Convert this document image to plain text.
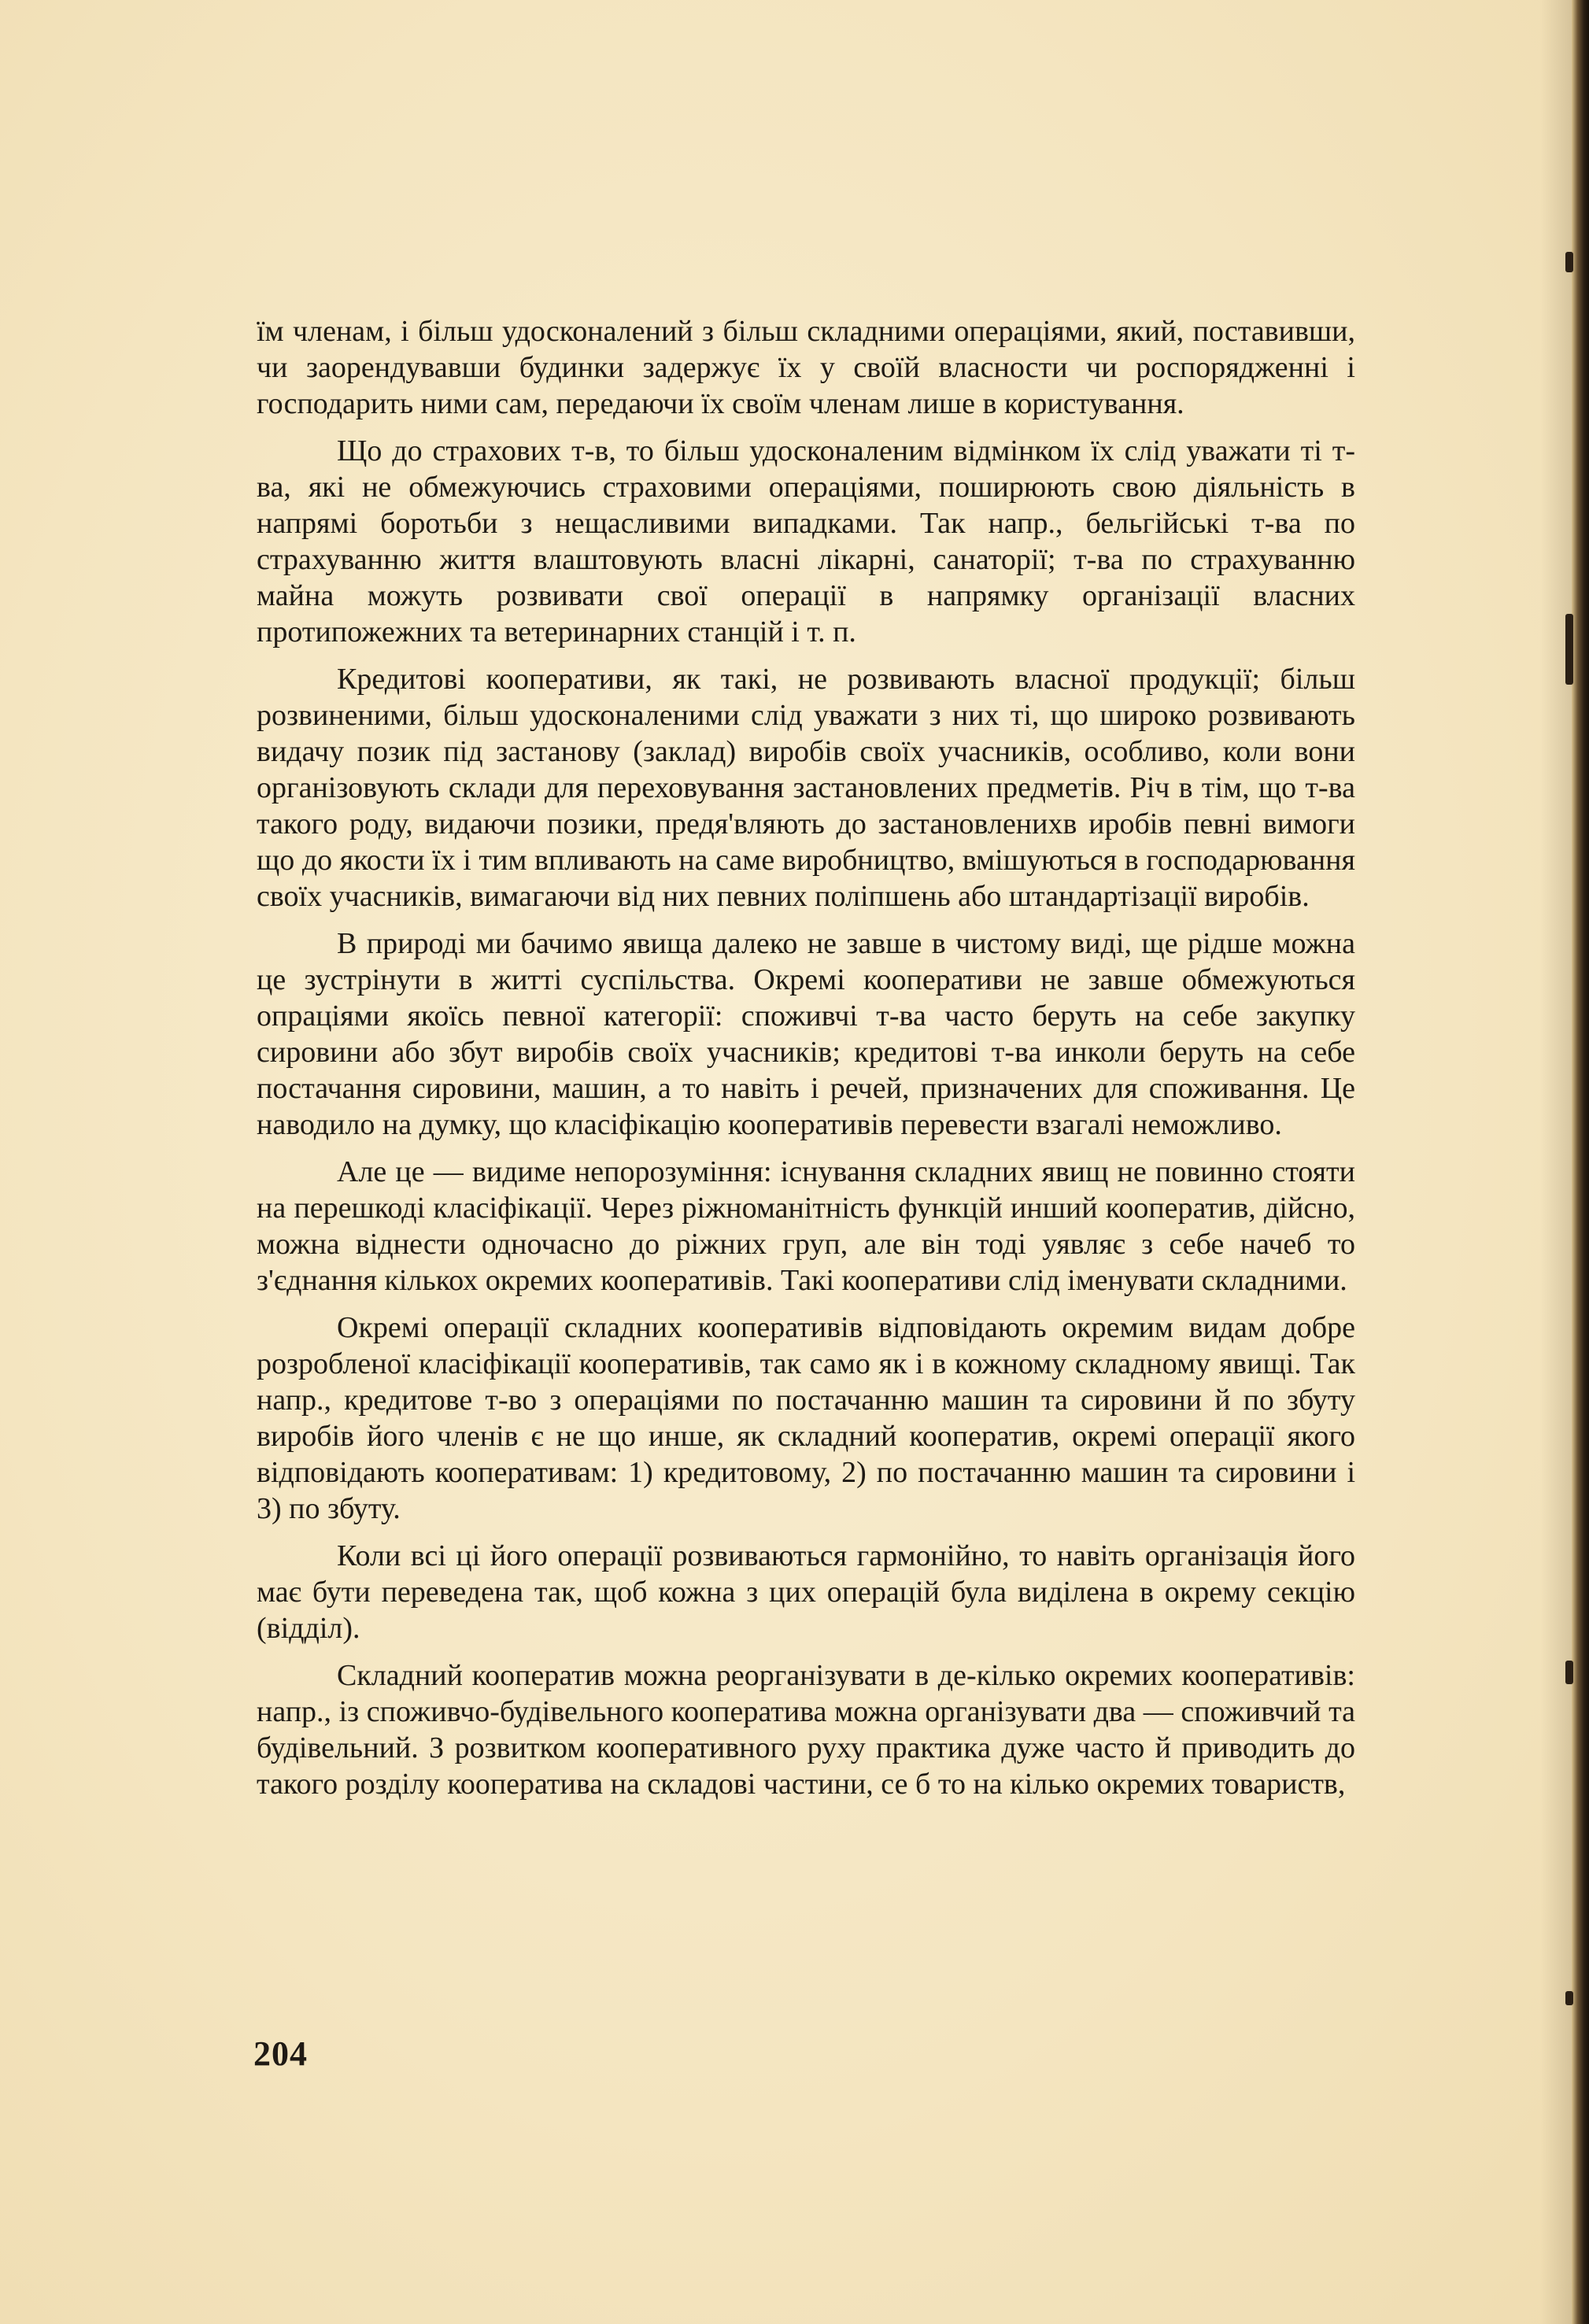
їм членам, і більш удосконалений з більш складними операціями, який, поставивши, чи заорендувавши будинки задержує їх у своїй власности чи роспорядженні і господарить ними сам, передаючи їх своїм членам лише в користування.

Що до страхових т-в, то більш удосконаленим відмінком їх слід уважати ті т-ва, які не обмежуючись страховими операціями, поширюють свою діяльність в напрямі боротьби з нещасливими випадками. Так напр., бельгійські т-ва по страхуванню життя влаштовують власні лікарні, санаторії; т-ва по страхуванню майна можуть розвивати свої операції в напрямку організації власних протипожежних та ветеринарних станцій і т. п.

Кредитові кооперативи, як такі, не розвивають власної продукції; більш розвиненими, більш удосконаленими слід уважати з них ті, що широко розвивають видачу позик під застанову (заклад) виробів своїх учасників, особливо, коли вони організовують склади для переховування застановлених предметів. Річ в тім, що т-ва такого роду, видаючи позики, предя'вляють до застановленихв иробів певні вимоги що до якости їх і тим впливають на саме виробництво, вмішуються в господарювання своїх учасників, вимагаючи від них певних поліпшень або штандартізації виробів.

В природі ми бачимо явища далеко не завше в чистому виді, ще рідше можна це зустрінути в житті суспільства. Окремі кооперативи не завше обмежуються опраціями якоїсь певної категорії: споживчі т-ва часто беруть на себе закупку сировини або збут виробів своїх учасників; кредитові т-ва инколи беруть на себе постачання сировини, машин, а то навіть і речей, призначених для споживання. Це наводило на думку, що класіфікацію кооперативів перевести взагалі неможливо.

Але це — видиме непорозуміння: існування складних явищ не повинно стояти на перешкоді класіфікації. Через ріжноманітність функцій инший кооператив, дійсно, можна віднести одночасно до ріжних груп, але він тоді уявляє з себе начеб то з'єднання кількох окремих кооперативів. Такі кооперативи слід іменувати складними.

Окремі операції складних кооперативів відповідають окремим видам добре розробленої класіфікації кооперативів, так само як і в кожному складному явищі. Так напр., кредитове т-во з операціями по постачанню машин та сировини й по збуту виробів його членів є не що инше, як складний кооператив, окремі операції якого відповідають кооперативам: 1) кредитовому, 2) по постачанню машин та сировини і 3) по збуту.

Коли всі ці його операції розвиваються гармонійно, то навіть організація його має бути переведена так, щоб кожна з цих операцій була виділена в окрему секцію (відділ).

Складний кооператив можна реорганізувати в де-кілько окремих кооперативів: напр., із споживчо-будівельного кооператива можна організувати два — споживчий та будівельний. З розвитком кооперативного руху практика дуже часто й приводить до такого розділу кооператива на складові частини, се б то на кілько окремих товариств,

204
